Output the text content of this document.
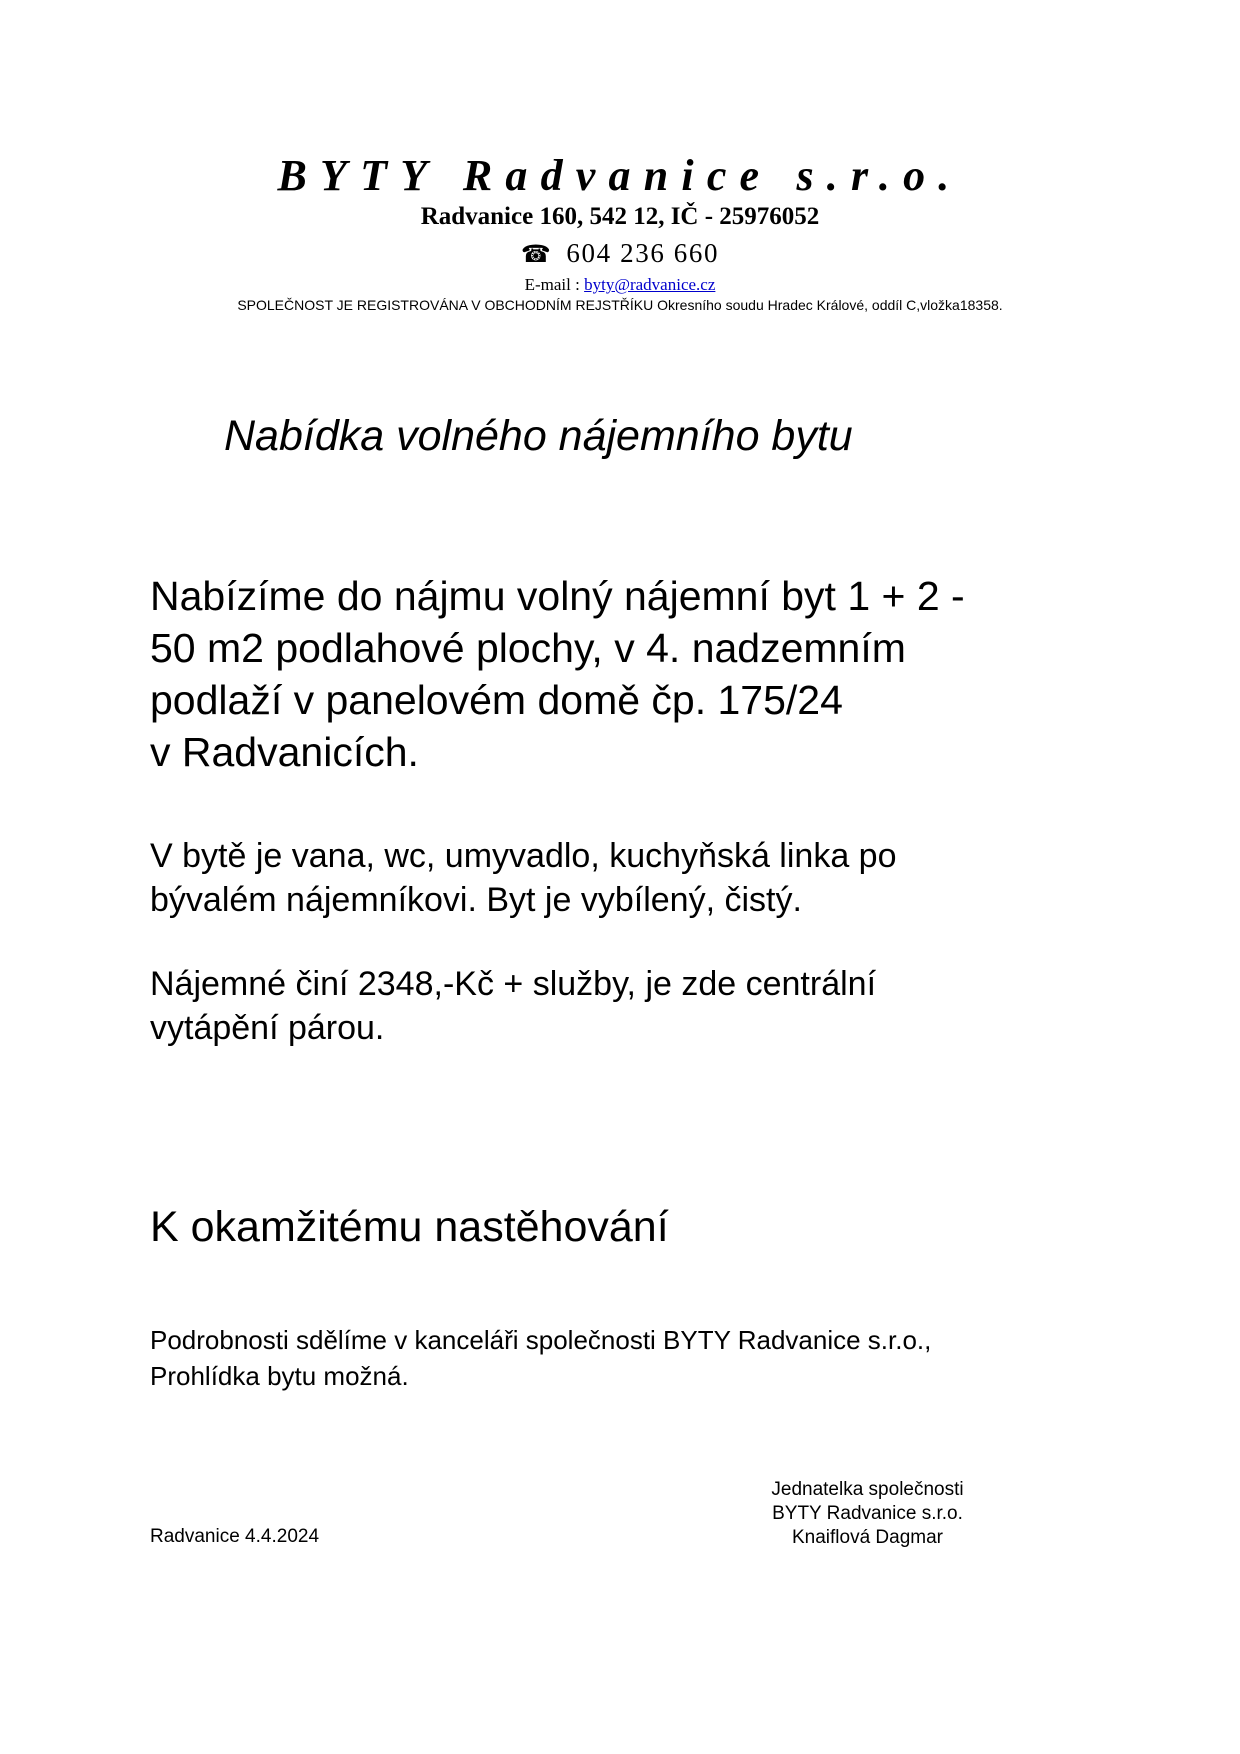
BYTY Radvanice s.r.o.
Radvanice 160, 542 12, IČ - 25976052
☎ 604 236 660
E-mail : byty@radvanice.cz
SPOLEČNOST JE REGISTROVÁNA V OBCHODNÍM REJSTŘÍKU Okresního soudu Hradec Králové, oddíl C,vložka18358.
Nabídka volného nájemního bytu
Nabízíme do nájmu volný nájemní byt 1 + 2 -
50 m2 podlahové plochy, v 4. nadzemním
podlaží v panelovém domě čp. 175/24
v Radvanicích.
V bytě je vana, wc, umyvadlo, kuchyňská linka po
bývalém nájemníkovi. Byt je vybílený, čistý.
Nájemné činí 2348,-Kč + služby, je zde centrální
vytápění párou.
K okamžitému nastěhování
Podrobnosti sdělíme v kanceláři společnosti BYTY Radvanice s.r.o.,
Prohlídka bytu možná.
Radvanice 4.4.2024
Jednatelka společnosti
BYTY Radvanice s.r.o.
Knaiflová Dagmar
